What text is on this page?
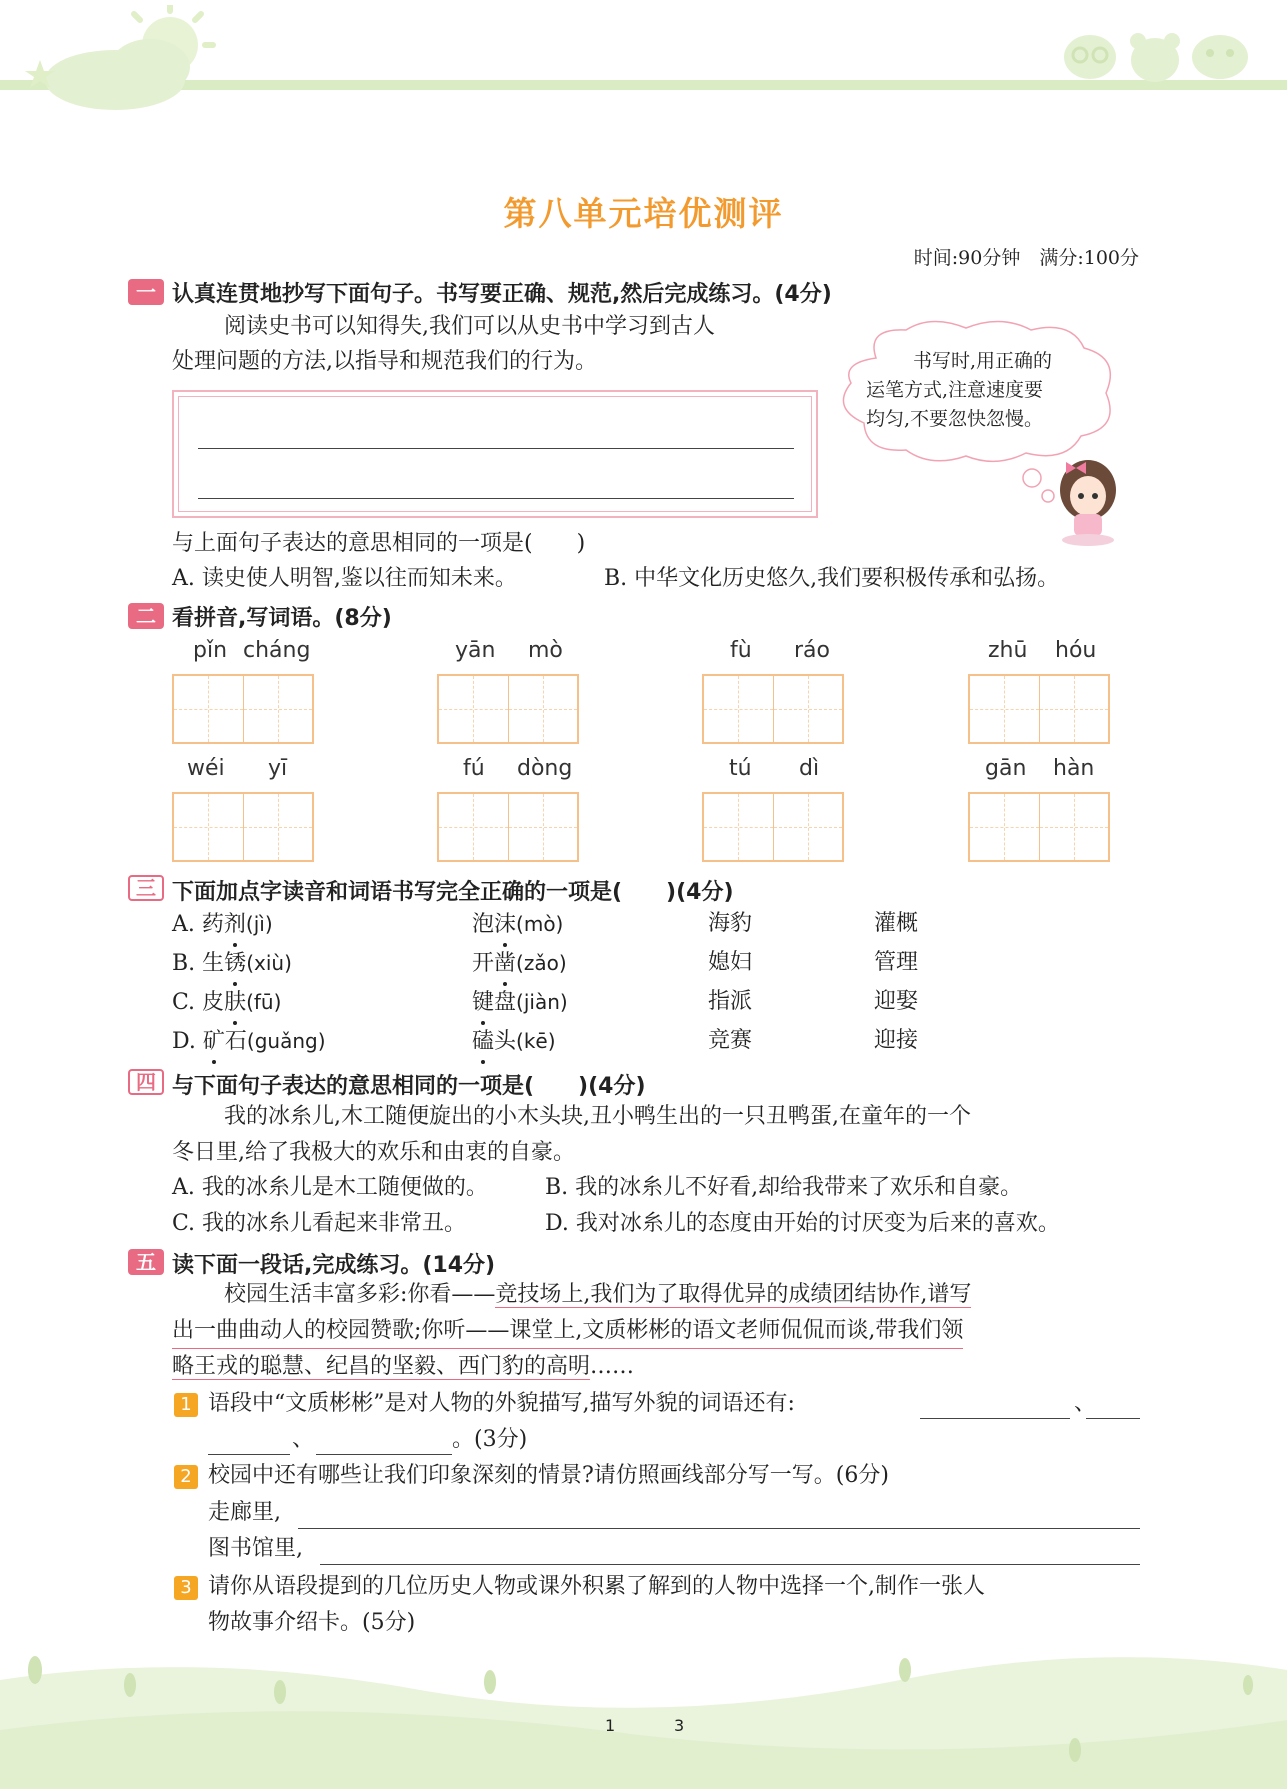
第八单元培优测评
时间:90分钟　满分:100分
一 认真连贯地抄写下面句子。书写要正确、规范,然后完成练习。(4分)
阅读史书可以知得失,我们可以从史书中学习到古人
处理问题的方法,以指导和规范我们的行为。	书写时,用正确的
运笔方式,注意速度要
均匀,不要忽快忽慢。
与上面句子表达的意思相同的一项是(　　)
A. 读史使人明智,鉴以往而知未来。	B. 中华文化历史悠久,我们要积极传承和弘扬。
二 看拼音,写词语。(8分)
pǐn cháng	yān mò	fù ráo	zhū hóu
wéi yī	fú dòng	tú dì	gān hàn
三 下面加点字读音和词语书写完全正确的一项是(　　)(4分)
A. 药剂(jì)	泡沫(mò)	海豹	灌概
B. 生锈(xiù)	开凿(zǎo)	媳妇	管理
C. 皮肤(fū)	键盘(jiàn)	指派	迎娶
D. 矿石(guǎng)	磕头(kē)	竞赛	迎接
四 与下面句子表达的意思相同的一项是(　　)(4分)
我的冰糸儿,木工随便旋出的小木头块,丑小鸭生出的一只丑鸭蛋,在童年的一个
冬日里,给了我极大的欢乐和由衷的自豪。
A. 我的冰糸儿是木工随便做的。	B. 我的冰糸儿不好看,却给我带来了欢乐和自豪。
C. 我的冰糸儿看起来非常丑。	D. 我对冰糸儿的态度由开始的讨厌变为后来的喜欢。
五 读下面一段话,完成练习。(14分)
校园生活丰富多彩:你看——竞技场上,我们为了取得优异的成绩团结协作,谱写
出一曲曲动人的校园赞歌;你听——课堂上,文质彬彬的语文老师侃侃而谈,带我们领
略王戎的聪慧、纪昌的坚毅、西门豹的高明……
1 语段中“文质彬彬”是对人物的外貌描写,描写外貌的词语还有:	、
、	。(3分)
2 校园中还有哪些让我们印象深刻的情景?请仿照画线部分写一写。(6分)
走廊里,
图书馆里,
3 请你从语段提到的几位历史人物或课外积累了解到的人物中选择一个,制作一张人
物故事介绍卡。(5分)
1	3
